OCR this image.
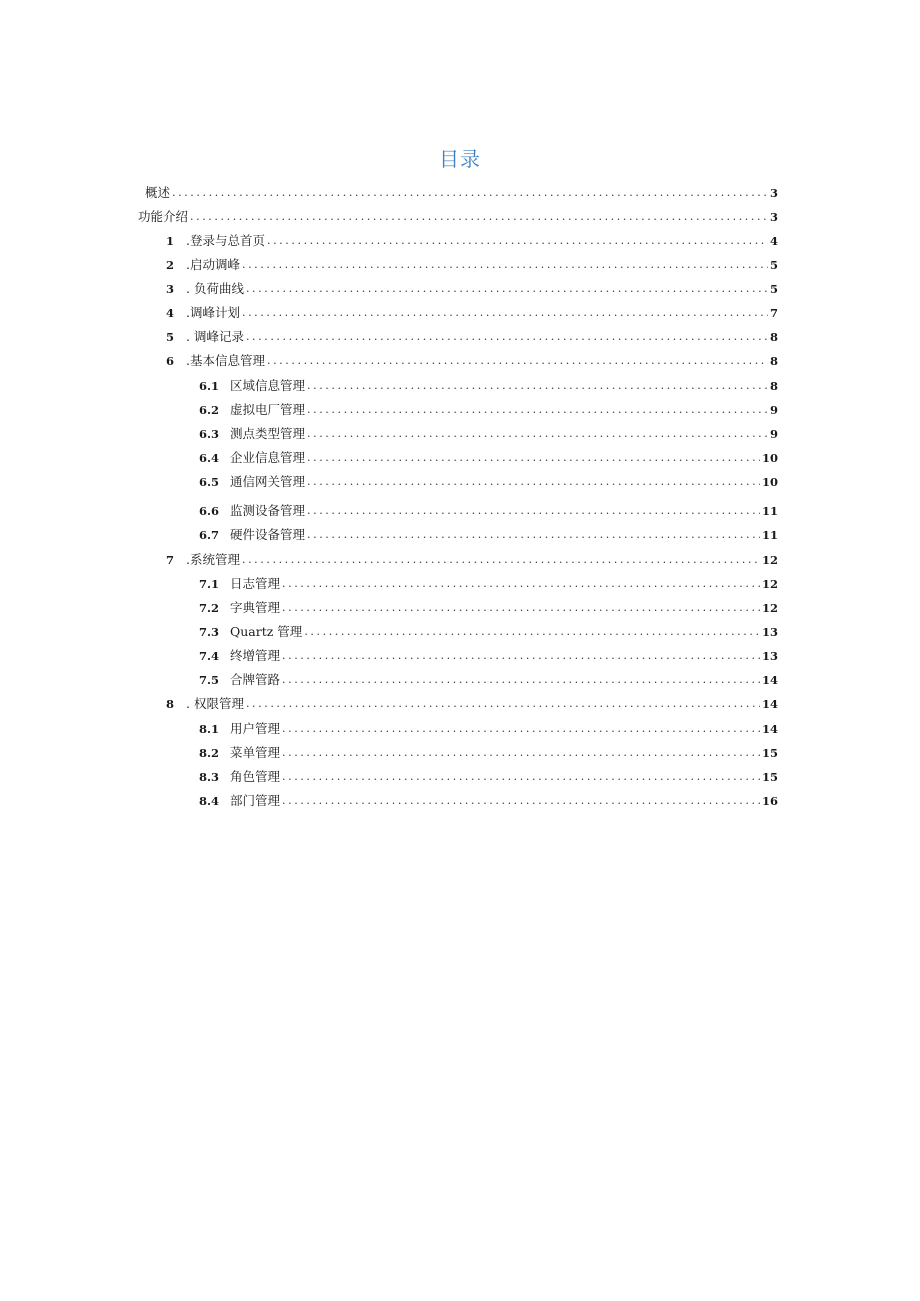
目录
概述 .....	3
功能介绍 .....	3
1 .登录与总首页 .....	4
2 .启动调峰 .....	5
3 . 负荷曲线 .....	5
4 .调峰计划 .....	7
5 . 调峰记录 .....	8
6 .基本信息管理 .....	8
6.1 区域信息管理 .....	8
6.2 虚拟电厂管理 .....	9
6.3 测点类型管理 .....	9
6.4 企业信息管理 .....	10
6.5 通信网关管理 .....	10
6.6 监测设备管理 .....	11
6.7 硬件设备管理 .....	11
7 .系统管理 .....	12
7.1 日志管理 .....	12
7.2 字典管理 .....	12
7.3 Quartz 管理 .....	13
7.4 终增管理 .....	13
7.5 合牌管路 .....	14
8 . 权限管理 .....	14
8.1 用户管理 .....	14
8.2 菜单管理 .....	15
8.3 角色管理 .....	15
8.4 部门管理 .....	16
